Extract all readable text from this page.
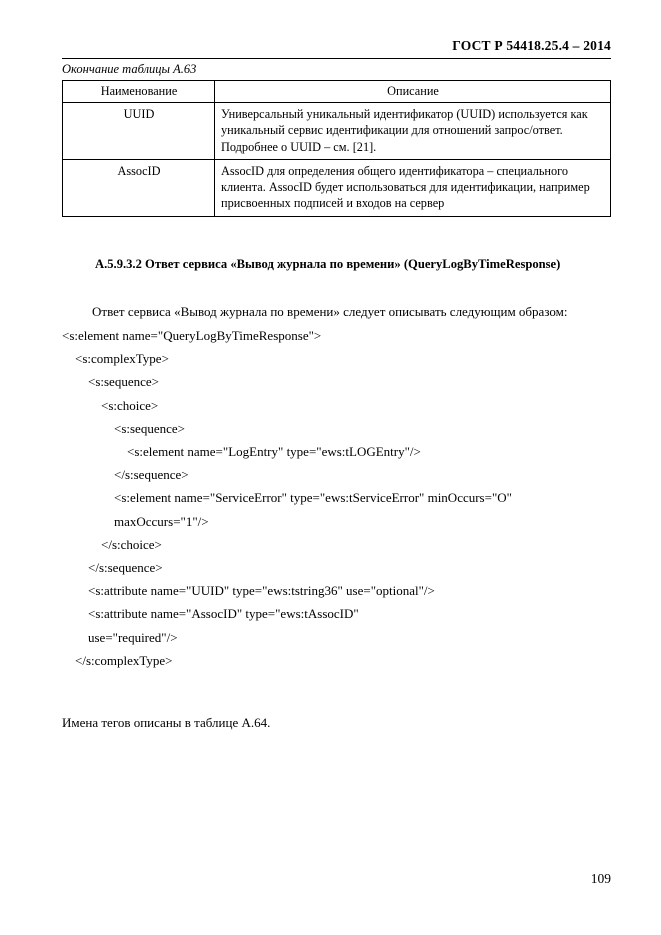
ГОСТ Р 54418.25.4 – 2014
Окончание таблицы А.63
Наименование	Описание
UUID	Универсальный уникальный идентификатор (UUID) используется как уникальный сервис идентификации для отношений запрос/ответ. Подробнее о UUID – см. [21].
AssocID	AssocID для определения общего идентификатора – специального клиента. AssocID будет использоваться для идентификации, например присвоенных подписей и входов на сервер
А.5.9.3.2 Ответ сервиса «Вывод журнала по времени» (QueryLogByTimeResponse)
Ответ сервиса «Вывод журнала по времени» следует описывать следующим образом:
<s:element name="QueryLogByTimeResponse">
<s:complexType>
<s:sequence>
<s:choice>
<s:sequence>
<s:element name="LogEntry" type="ews:tLOGEntry"/>
</s:sequence>
<s:element name="ServiceError" type="ews:tServiceError" minOccurs="O"
maxOccurs="1"/>
</s:choice>
</s:sequence>
<s:attribute name="UUID" type="ews:tstring36" use="optional"/>
<s:attribute name="AssocID" type="ews:tAssocID"
use="required"/>
</s:complexType>
Имена тегов описаны в таблице А.64.
109
